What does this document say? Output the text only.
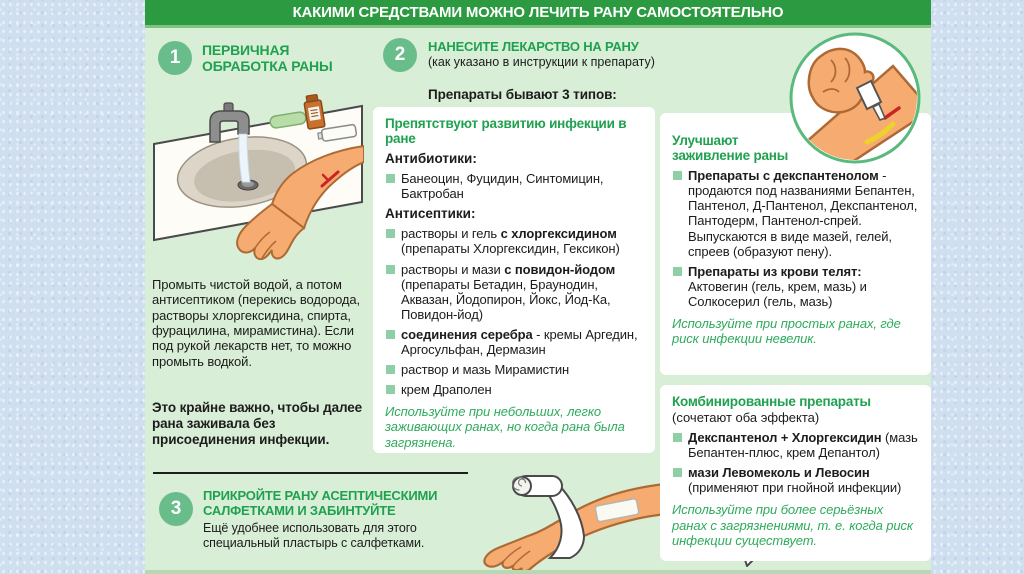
КАКИМИ СРЕДСТВАМИ МОЖНО ЛЕЧИТЬ РАНУ САМОСТОЯТЕЛЬНО
1 ПЕРВИЧНАЯ ОБРАБОТКА РАНЫ
Промыть чистой водой, а потом антисептиком (перекись водорода, растворы хлоргексидина, спирта, фурацилина, мирамистина). Если под рукой лекарств нет, то можно промыть водкой.
Это крайне важно, чтобы далее рана заживала без присоединения инфекции.
3
ПРИКРОЙТЕ РАНУ АСЕПТИЧЕСКИМИ САЛФЕТКАМИ И ЗАБИНТУЙТЕ
Ещё удобнее использовать для этого специальный пластырь с салфетками.
2 НАНЕСИТЕ ЛЕКАРСТВО НА РАНУ
(как указано в инструкции к препарату)
Препараты бывают 3 типов:
Препятствуют развитию инфекции в ране
Антибиотики:
Банеоцин, Фуцидин, Синтомицин, Бактробан
Антисептики:
растворы и гель с хлоргексидином (препараты Хлоргексидин, Гексикон)
растворы и мази с повидон-йодом (препараты Бетадин, Браунодин, Аквазан, Йодопирон, Йокс, Йод-Ка, Повидон-йод)
соединения серебра - кремы Аргедин, Аргосульфан, Дермазин
раствор и мазь Мирамистин
крем Драполен
Используйте при небольших, легко заживающих ранах, но когда рана была загрязнена.
Улучшают заживление раны
Препараты с декспантенолом - продаются под названиями Бепантен, Пантенол, Д-Пантенол, Декспантенол, Пантодерм, Пантенол-спрей. Выпускаются в виде мазей, гелей, спреев (образуют пену).
Препараты из крови телят: Актовегин (гель, крем, мазь) и Солкосерил (гель, мазь)
Используйте при простых ранах, где риск инфекции невелик.
Комбинированные препараты
(сочетают оба эффекта)
Декспантенол + Хлоргексидин (мазь Бепантен-плюс, крем Депантол)
мази Левомеколь и Левосин (применяют при гнойной инфекции)
Используйте при более серьёзных ранах с загрязнениями, т. е. когда риск инфекции существует.
